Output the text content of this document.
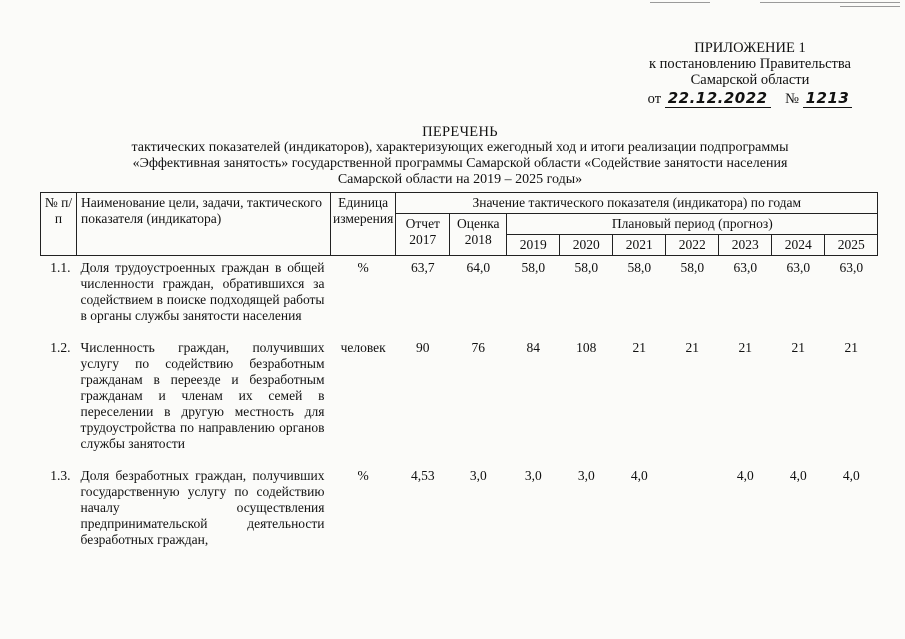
ПРИЛОЖЕНИЕ 1
к постановлению Правительства
Самарской области
от 22.12.2022 № 1213
ПЕРЕЧЕНЬ
тактических показателей (индикаторов), характеризующих ежегодный ход и итоги реализации подпрограммы
«Эффективная занятость» государственной программы Самарской области «Содействие занятости населения
Самарской области на 2019 – 2025 годы»
№ п/п	Наименование цели, задачи, тактического показателя (индикатора)	Единица измерения	Значение тактического показателя (индикатора) по годам								
			Отчет 2017	Оценка 2018	Плановый период (прогноз)						
					2019	2020	2021	2022	2023	2024	2025
1.1.	Доля трудоустроенных граждан в общей численности граждан, обратившихся за содействием в поиске подходящей работы в органы службы занятости населения	%	63,7	64,0	58,0	58,0	58,0	58,0	63,0	63,0	63,0
1.2.	Численность граждан, получивших услугу по содействию безработным гражданам в переезде и безработным гражданам и членам их семей в переселении в другую местность для трудоустройства по направлению органов службы занятости	человек	90	76	84	108	21	21	21	21	21
1.3.	Доля безработных граждан, получивших государственную услугу по содействию началу осуществления предпринимательской деятельности безработных граждан,	%	4,53	3,0	3,0	3,0	4,0		4,0	4,0	4,0
